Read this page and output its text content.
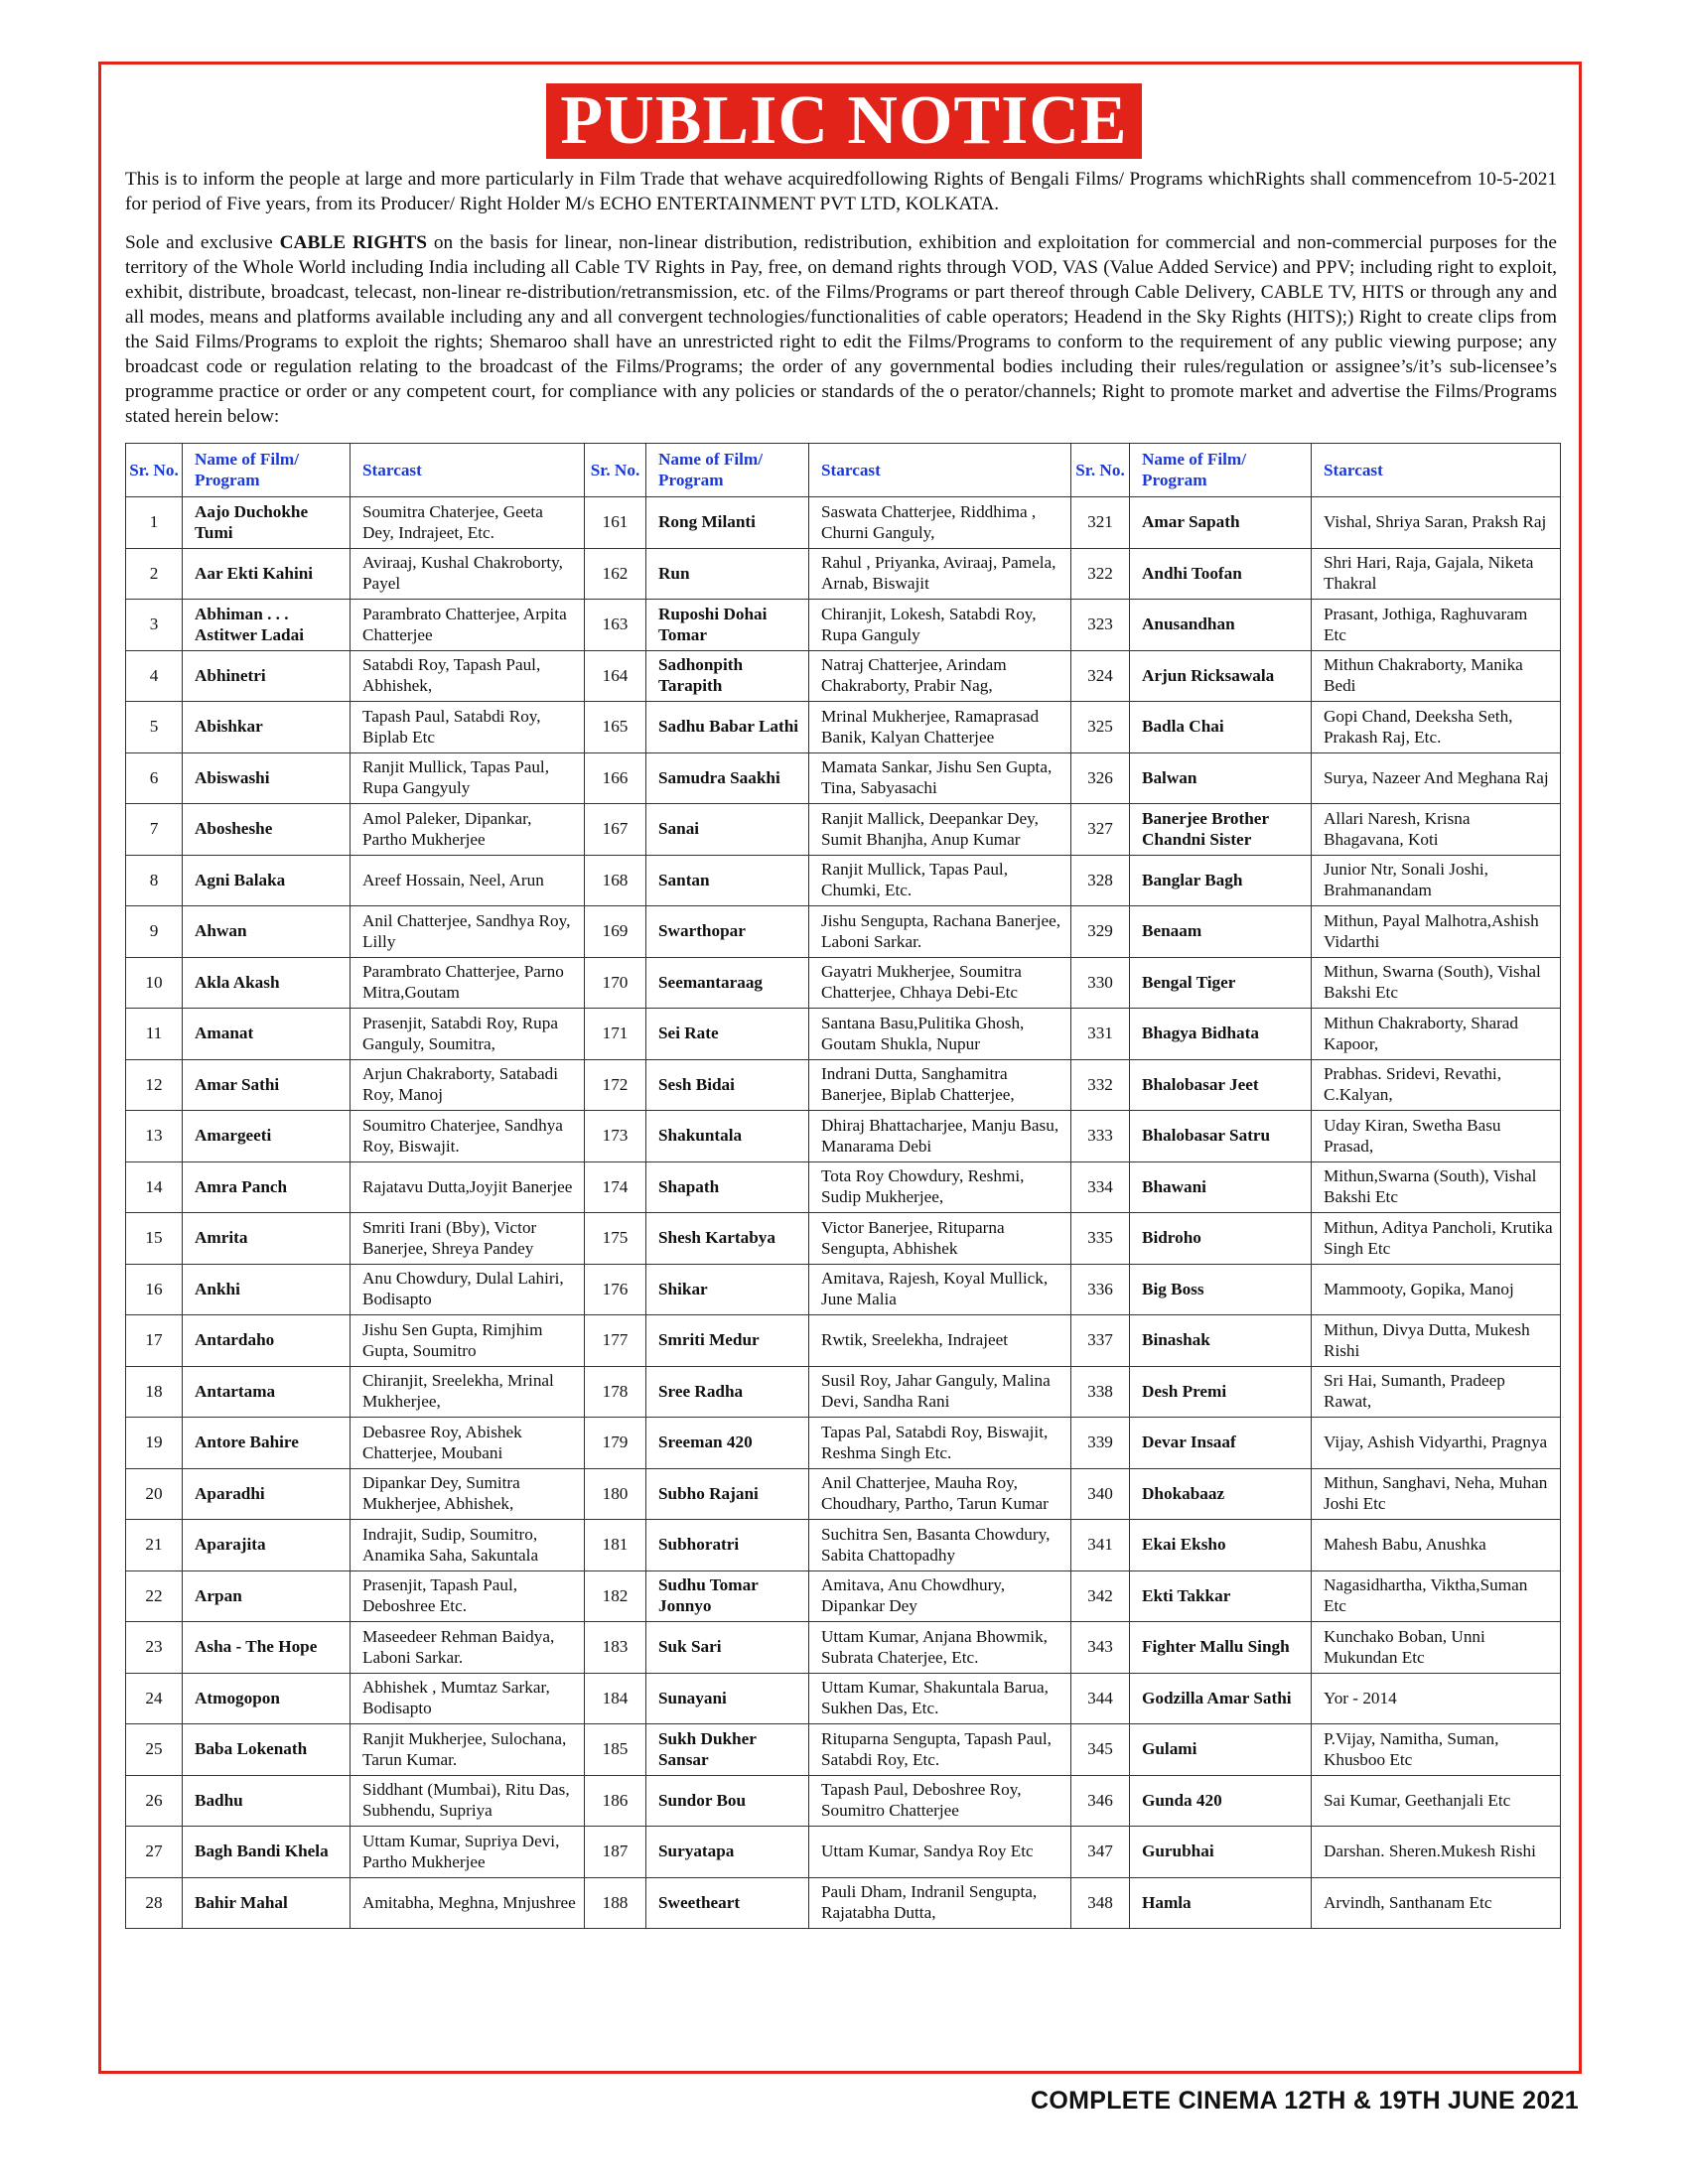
PUBLIC NOTICE
This is to inform the people at large and more particularly in Film Trade that wehave acquiredfollowing Rights of Bengali Films/ Programs whichRights shall commencefrom 10-5-2021 for period of Five years, from its Producer/ Right Holder M/s ECHO ENTERTAINMENT PVT LTD, KOLKATA.
Sole and exclusive CABLE RIGHTS on the basis for linear, non-linear distribution, redistribution, exhibition and exploitation for commercial and non-commercial purposes for the territory of the Whole World including India including all Cable TV Rights in Pay, free, on demand rights through VOD, VAS (Value Added Service) and PPV; including right to exploit, exhibit, distribute, broadcast, telecast, non-linear re-distribution/retransmission, etc. of the Films/Programs or part thereof through Cable Delivery, CABLE TV, HITS or through any and all modes, means and platforms available including any and all convergent technologies/functionalities of cable operators; Headend in the Sky Rights (HITS);) Right to create clips from the Said Films/Programs to exploit the rights; Shemaroo shall have an unrestricted right to edit the Films/Programs to conform to the requirement of any public viewing purpose; any broadcast code or regulation relating to the broadcast of the Films/Programs; the order of any governmental bodies including their rules/regulation or assignee’s/it’s sub-licensee’s programme practice or order or any competent court, for compliance with any policies or standards of the o perator/channels; Right to promote market and advertise the Films/Programs stated herein below:
Sr. No.	Name of Film/ Program	Starcast	Sr. No.	Name of Film/ Program	Starcast	Sr. No.	Name of Film/ Program	Starcast
1	Aajo Duchokhe Tumi	Soumitra Chaterjee, Geeta Dey, Indrajeet, Etc.	161	Rong Milanti	Saswata Chatterjee, Riddhima , Churni Ganguly,	321	Amar Sapath	Vishal, Shriya Saran, Praksh Raj
2	Aar Ekti Kahini	Aviraaj, Kushal Chakroborty, Payel	162	Run	Rahul , Priyanka, Aviraaj, Pamela, Arnab, Biswajit	322	Andhi Toofan	Shri Hari, Raja, Gajala, Niketa Thakral
3	Abhiman . . . Astitwer Ladai	Parambrato Chatterjee, Arpita Chatterjee	163	Ruposhi Dohai Tomar	Chiranjit, Lokesh, Satabdi Roy, Rupa Ganguly	323	Anusandhan	Prasant, Jothiga, Raghuvaram Etc
4	Abhinetri	Satabdi Roy, Tapash Paul, Abhishek,	164	Sadhonpith Tarapith	Natraj Chatterjee, Arindam Chakraborty, Prabir Nag,	324	Arjun Ricksawala	Mithun Chakraborty, Manika Bedi
5	Abishkar	Tapash Paul, Satabdi Roy, Biplab Etc	165	Sadhu Babar Lathi	Mrinal Mukherjee, Ramaprasad Banik, Kalyan Chatterjee	325	Badla Chai	Gopi Chand, Deeksha Seth, Prakash Raj, Etc.
6	Abiswashi	Ranjit Mullick, Tapas Paul, Rupa Gangyuly	166	Samudra Saakhi	Mamata Sankar, Jishu Sen Gupta, Tina, Sabyasachi	326	Balwan	Surya, Nazeer And Meghana Raj
7	Abosheshe	Amol Paleker, Dipankar, Partho Mukherjee	167	Sanai	Ranjit Mallick, Deepankar Dey, Sumit Bhanjha, Anup Kumar	327	Banerjee Brother Chandni Sister	Allari Naresh, Krisna Bhagavana, Koti
8	Agni Balaka	Areef Hossain, Neel, Arun	168	Santan	Ranjit Mullick, Tapas Paul, Chumki, Etc.	328	Banglar Bagh	Junior Ntr, Sonali Joshi, Brahmanandam
9	Ahwan	Anil Chatterjee, Sandhya Roy, Lilly	169	Swarthopar	Jishu Sengupta, Rachana Banerjee, Laboni Sarkar.	329	Benaam	Mithun, Payal Malhotra,Ashish Vidarthi
10	Akla Akash	Parambrato Chatterjee, Parno Mitra,Goutam	170	Seemantaraag	Gayatri Mukherjee, Soumitra Chatterjee, Chhaya Debi-Etc	330	Bengal Tiger	Mithun, Swarna (South), Vishal Bakshi Etc
11	Amanat	Prasenjit, Satabdi Roy, Rupa Ganguly, Soumitra,	171	Sei Rate	Santana Basu,Pulitika Ghosh, Goutam Shukla, Nupur	331	Bhagya Bidhata	Mithun Chakraborty, Sharad Kapoor,
12	Amar Sathi	Arjun Chakraborty, Satabadi Roy, Manoj	172	Sesh Bidai	Indrani Dutta, Sanghamitra Banerjee, Biplab Chatterjee,	332	Bhalobasar Jeet	Prabhas. Sridevi, Revathi, C.Kalyan,
13	Amargeeti	Soumitro Chaterjee, Sandhya Roy, Biswajit.	173	Shakuntala	Dhiraj Bhattacharjee, Manju Basu, Manarama Debi	333	Bhalobasar Satru	Uday Kiran, Swetha Basu Prasad,
14	Amra Panch	Rajatavu Dutta,Joyjit Banerjee	174	Shapath	Tota Roy Chowdury, Reshmi, Sudip Mukherjee,	334	Bhawani	Mithun,Swarna (South), Vishal Bakshi Etc
15	Amrita	Smriti Irani (Bby), Victor Banerjee, Shreya Pandey	175	Shesh Kartabya	Victor Banerjee, Rituparna Sengupta, Abhishek	335	Bidroho	Mithun, Aditya Pancholi, Krutika Singh Etc
16	Ankhi	Anu Chowdury, Dulal Lahiri, Bodisapto	176	Shikar	Amitava, Rajesh, Koyal Mullick, June Malia	336	Big Boss	Mammooty, Gopika, Manoj
17	Antardaho	Jishu Sen Gupta, Rimjhim Gupta, Soumitro	177	Smriti Medur	Rwtik, Sreelekha, Indrajeet	337	Binashak	Mithun, Divya Dutta, Mukesh Rishi
18	Antartama	Chiranjit, Sreelekha, Mrinal Mukherjee,	178	Sree Radha	Susil Roy, Jahar Ganguly, Malina Devi, Sandha Rani	338	Desh Premi	Sri Hai, Sumanth, Pradeep Rawat,
19	Antore Bahire	Debasree Roy, Abishek Chatterjee, Moubani	179	Sreeman 420	Tapas Pal, Satabdi Roy, Biswajit, Reshma Singh Etc.	339	Devar Insaaf	Vijay, Ashish Vidyarthi, Pragnya
20	Aparadhi	Dipankar Dey, Sumitra Mukherjee, Abhishek,	180	Subho Rajani	Anil Chatterjee, Mauha Roy, Choudhary, Partho, Tarun Kumar	340	Dhokabaaz	Mithun, Sanghavi, Neha, Muhan Joshi Etc
21	Aparajita	Indrajit, Sudip, Soumitro, Anamika Saha, Sakuntala	181	Subhoratri	Suchitra Sen, Basanta Chowdury, Sabita Chattopadhy	341	Ekai Eksho	Mahesh Babu, Anushka
22	Arpan	Prasenjit, Tapash Paul, Deboshree Etc.	182	Sudhu Tomar Jonnyo	Amitava, Anu Chowdhury, Dipankar Dey	342	Ekti Takkar	Nagasidhartha, Viktha,Suman Etc
23	Asha - The Hope	Maseedeer Rehman Baidya, Laboni Sarkar.	183	Suk Sari	Uttam Kumar, Anjana Bhowmik, Subrata Chaterjee, Etc.	343	Fighter Mallu Singh	Kunchako Boban, Unni Mukundan Etc
24	Atmogopon	Abhishek , Mumtaz Sarkar, Bodisapto	184	Sunayani	Uttam Kumar, Shakuntala Barua, Sukhen Das, Etc.	344	Godzilla Amar Sathi	Yor - 2014
25	Baba Lokenath	Ranjit Mukherjee, Sulochana, Tarun Kumar.	185	Sukh Dukher Sansar	Rituparna Sengupta, Tapash Paul, Satabdi Roy, Etc.	345	Gulami	P.Vijay, Namitha, Suman, Khusboo Etc
26	Badhu	Siddhant (Mumbai), Ritu Das, Subhendu, Supriya	186	Sundor Bou	Tapash Paul, Deboshree Roy, Soumitro Chatterjee	346	Gunda 420	Sai Kumar, Geethanjali Etc
27	Bagh Bandi Khela	Uttam Kumar, Supriya Devi, Partho Mukherjee	187	Suryatapa	Uttam Kumar, Sandya Roy Etc	347	Gurubhai	Darshan. Sheren.Mukesh Rishi
28	Bahir Mahal	Amitabha, Meghna, Mnjushree	188	Sweetheart	Pauli Dham, Indranil Sengupta, Rajatabha Dutta,	348	Hamla	Arvindh, Santhanam Etc
COMPLETE CINEMA 12TH & 19TH JUNE 2021
